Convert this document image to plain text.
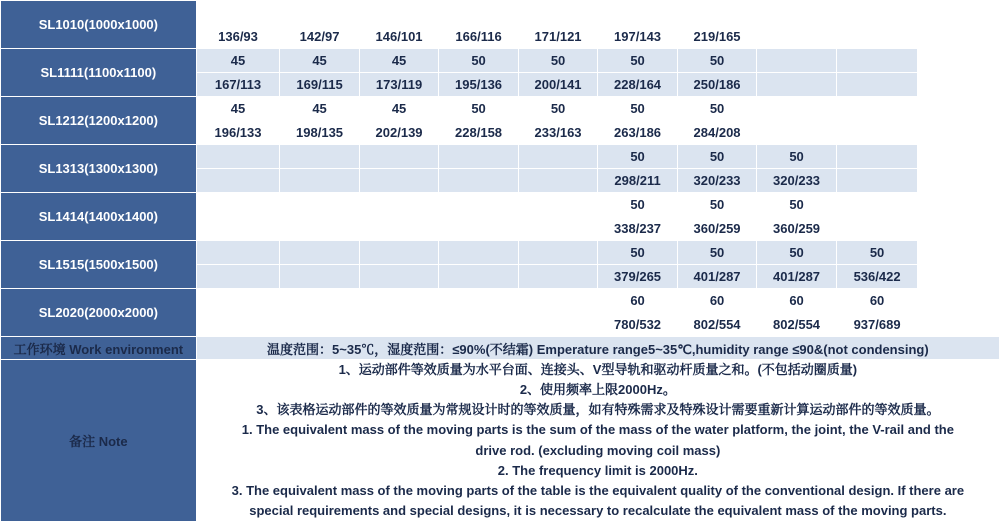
SL1010(1000x1000)									
	136/93	142/97	146/101	166/116	171/121	197/143	219/165		
SL1111(1100x1100)	45	45	45	50	50	50	50		
	167/113	169/115	173/119	195/136	200/141	228/164	250/186		
SL1212(1200x1200)	45	45	45	50	50	50	50		
	196/133	198/135	202/139	228/158	233/163	263/186	284/208		
SL1313(1300x1300)						50	50	50	
						298/211	320/233	320/233	
SL1414(1400x1400)						50	50	50	
						338/237	360/259	360/259	
SL1515(1500x1500)						50	50	50	50
						379/265	401/287	401/287	536/422
SL2020(2000x2000)						60	60	60	60
						780/532	802/554	802/554	937/689
工作环境 Work environment	温度范围：5~35℃，湿度范围：≤90%(不结霜) Emperature range5~35℃,humidity range ≤90&(not condensing)								
备注 Note	

1、运动部件等效质量为水平台面、连接头、V型导轨和驱动杆质量之和。(不包括动圈质量)

2、使用频率上限2000Hz。

3、该表格运动部件的等效质量为常规设计时的等效质量，如有特殊需求及特殊设计需要重新计算运动部件的等效质量。

1. The equivalent mass of the moving parts is the sum of the mass of the water platform, the joint, the V-rail and the

drive rod. (excluding moving coil mass)

2. The frequency limit is 2000Hz.

3. The equivalent mass of the moving parts of the table is the equivalent quality of the conventional design. If there are

special requirements and special designs, it is necessary to recalculate the equivalent mass of the moving parts.
